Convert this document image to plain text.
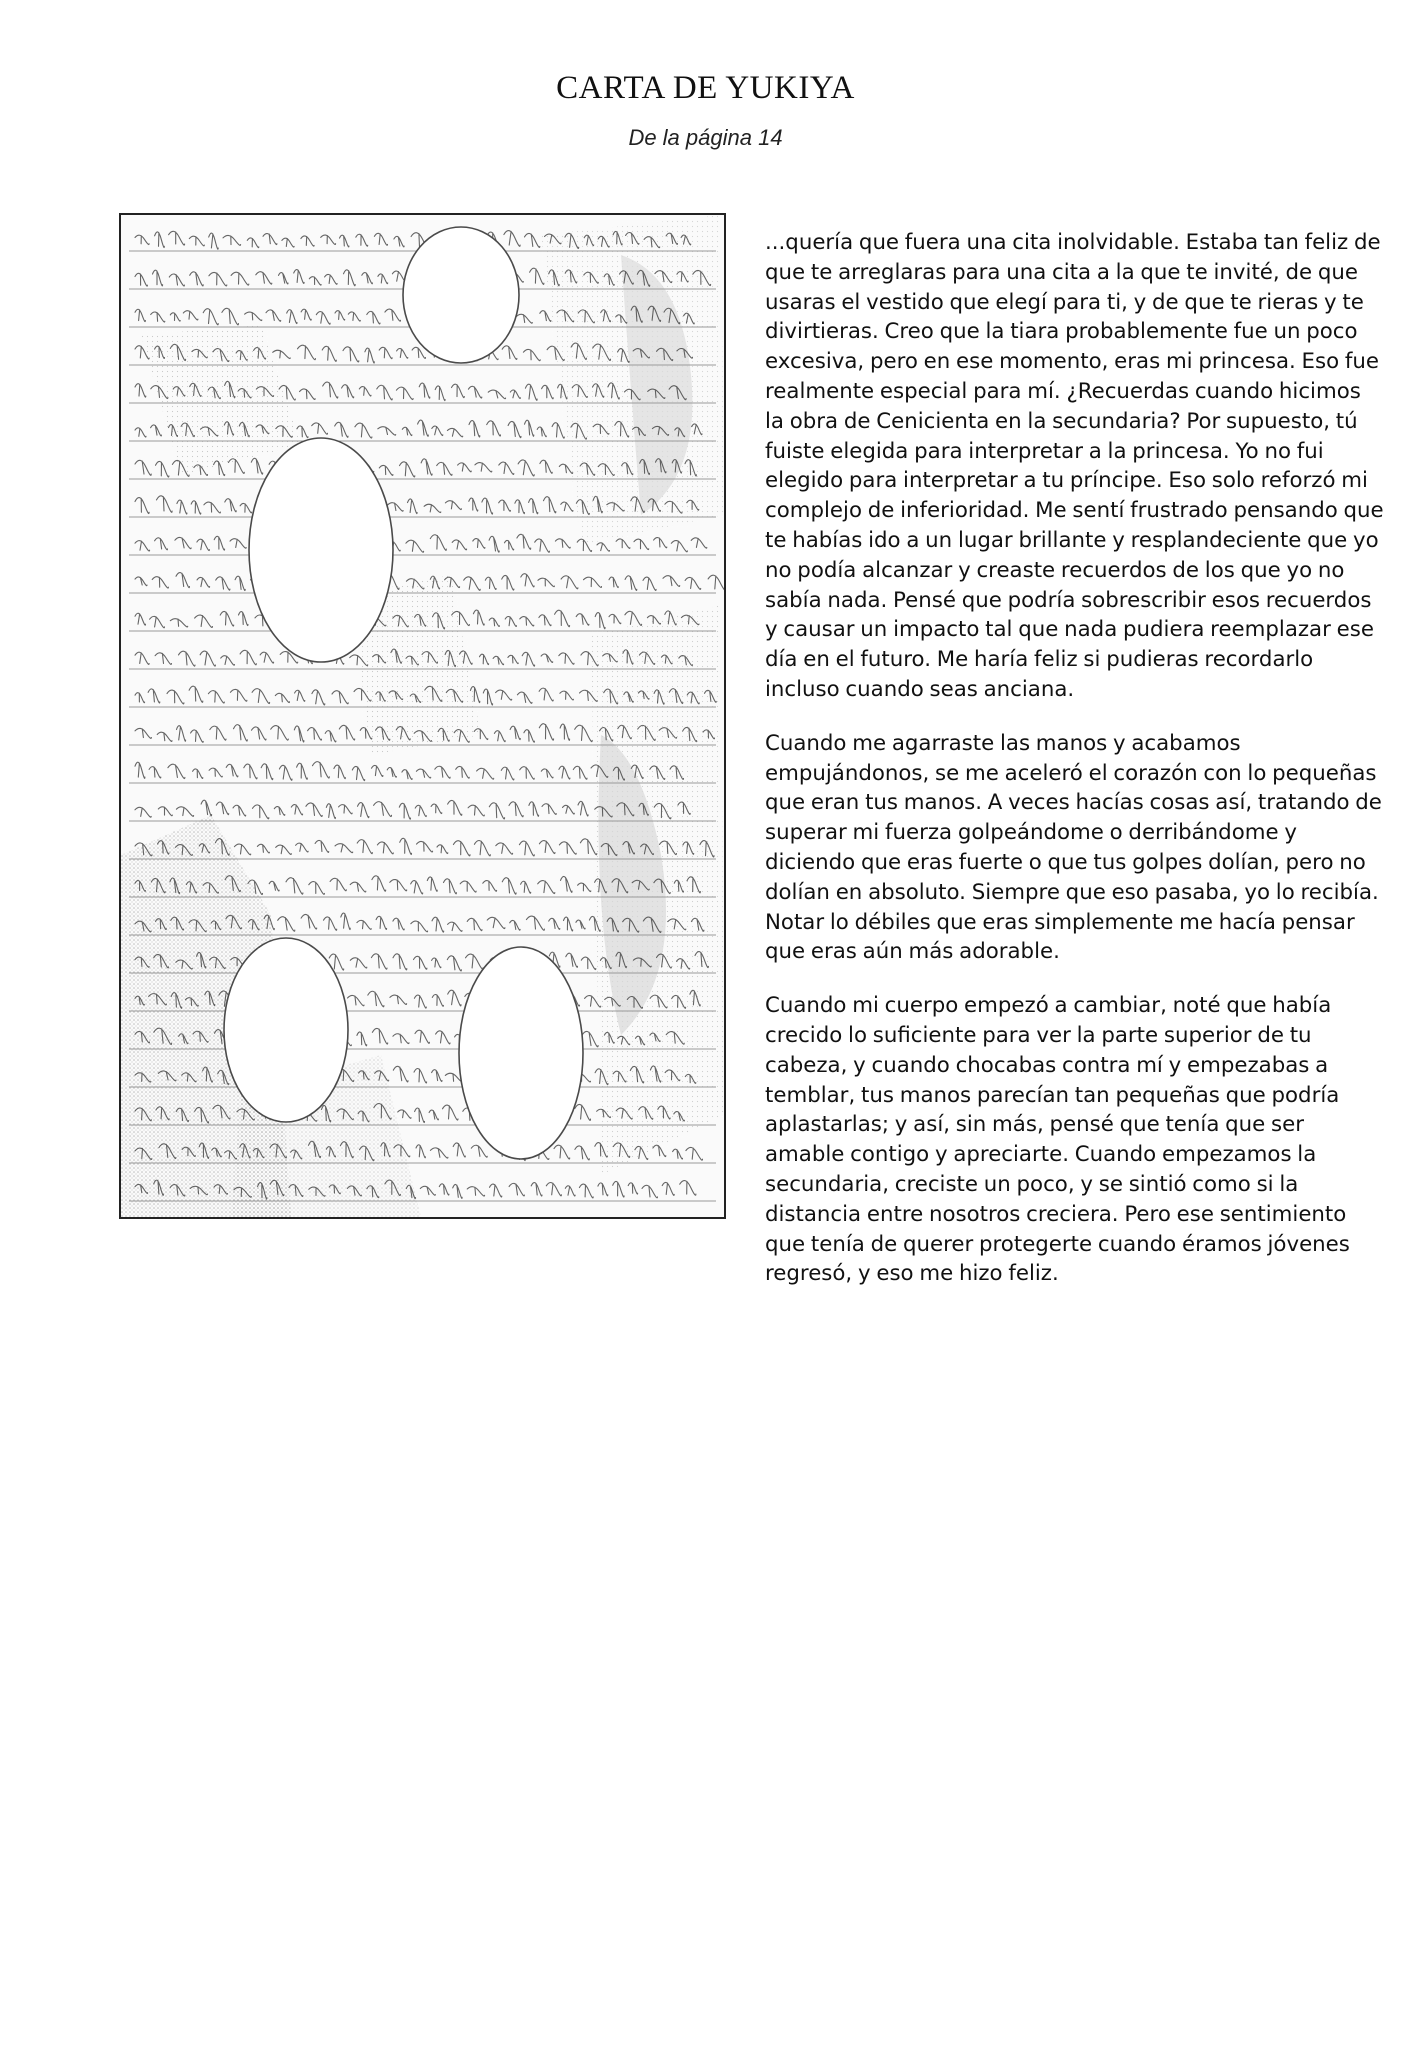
CARTA DE YUKIYA
De la página 14

...quería que fuera una cita inolvidable. Estaba tan feliz de que te arreglaras para una cita a la que te invité, de que usaras el vestido que elegí para ti, y de que te rieras y te divirtieras. Creo que la tiara probablemente fue un poco excesiva, pero en ese momento, eras mi princesa. Eso fue realmente especial para mí. ¿Recuerdas cuando hicimos la obra de Cenicienta en la secundaria? Por supuesto, tú fuiste elegida para interpretar a la princesa. Yo no fui elegido para interpretar a tu príncipe. Eso solo reforzó mi complejo de inferioridad. Me sentí frustrado pensando que te habías ido a un lugar brillante y resplandeciente que yo no podía alcanzar y creaste recuerdos de los que yo no sabía nada. Pensé que podría sobrescribir esos recuerdos y causar un impacto tal que nada pudiera reemplazar ese día en el futuro. Me haría feliz si pudieras recordarlo incluso cuando seas anciana.

Cuando me agarraste las manos y acabamos empujándonos, se me aceleró el corazón con lo pequeñas que eran tus manos. A veces hacías cosas así, tratando de superar mi fuerza golpeándome o derribándome y diciendo que eras fuerte o que tus golpes dolían, pero no dolían en absoluto. Siempre que eso pasaba, yo lo recibía. Notar lo débiles que eras simplemente me hacía pensar que eras aún más adorable.

Cuando mi cuerpo empezó a cambiar, noté que había crecido lo suficiente para ver la parte superior de tu cabeza, y cuando chocabas contra mí y empezabas a temblar, tus manos parecían tan pequeñas que podría aplastarlas; y así, sin más, pensé que tenía que ser amable contigo y apreciarte. Cuando empezamos la secundaria, creciste un poco, y se sintió como si la distancia entre nosotros creciera. Pero ese sentimiento que tenía de querer protegerte cuando éramos jóvenes regresó, y eso me hizo feliz.
